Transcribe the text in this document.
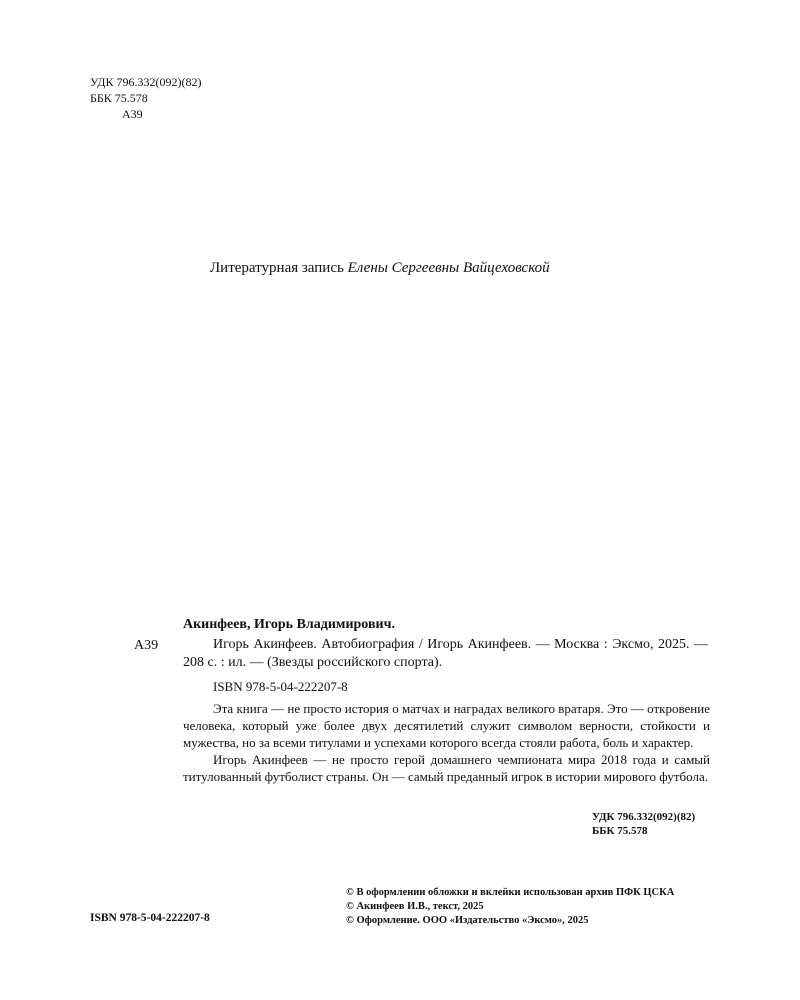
УДК 796.332(092)(82)
ББК 75.578
А39
Литературная запись Елены Сергеевны Вайцеховской
Акинфеев, Игорь Владимирович.
А39	Игорь Акинфеев. Автобиография / Игорь Акинфеев. — Москва : Эксмо, 2025. — 208 с. : ил. — (Звезды российского спорта).
ISBN 978-5-04-222207-8

Эта книга — не просто история о матчах и наградах великого вратаря. Это — откровение человека, который уже более двух десятилетий служит символом верности, стойкости и мужества, но за всеми титулами и успехами которого всегда стояли работа, боль и характер.

Игорь Акинфеев — не просто герой домашнего чемпионата мира 2018 года и самый титулованный футболист страны. Он — самый преданный игрок в истории мирового футбола.

УДК 796.332(092)(82)
ББК 75.578
© В оформлении обложки и вклейки использован архив ПФК ЦСКА
© Акинфеев И.В., текст, 2025
© Оформление. ООО «Издательство «Эксмо», 2025
ISBN 978-5-04-222207-8
